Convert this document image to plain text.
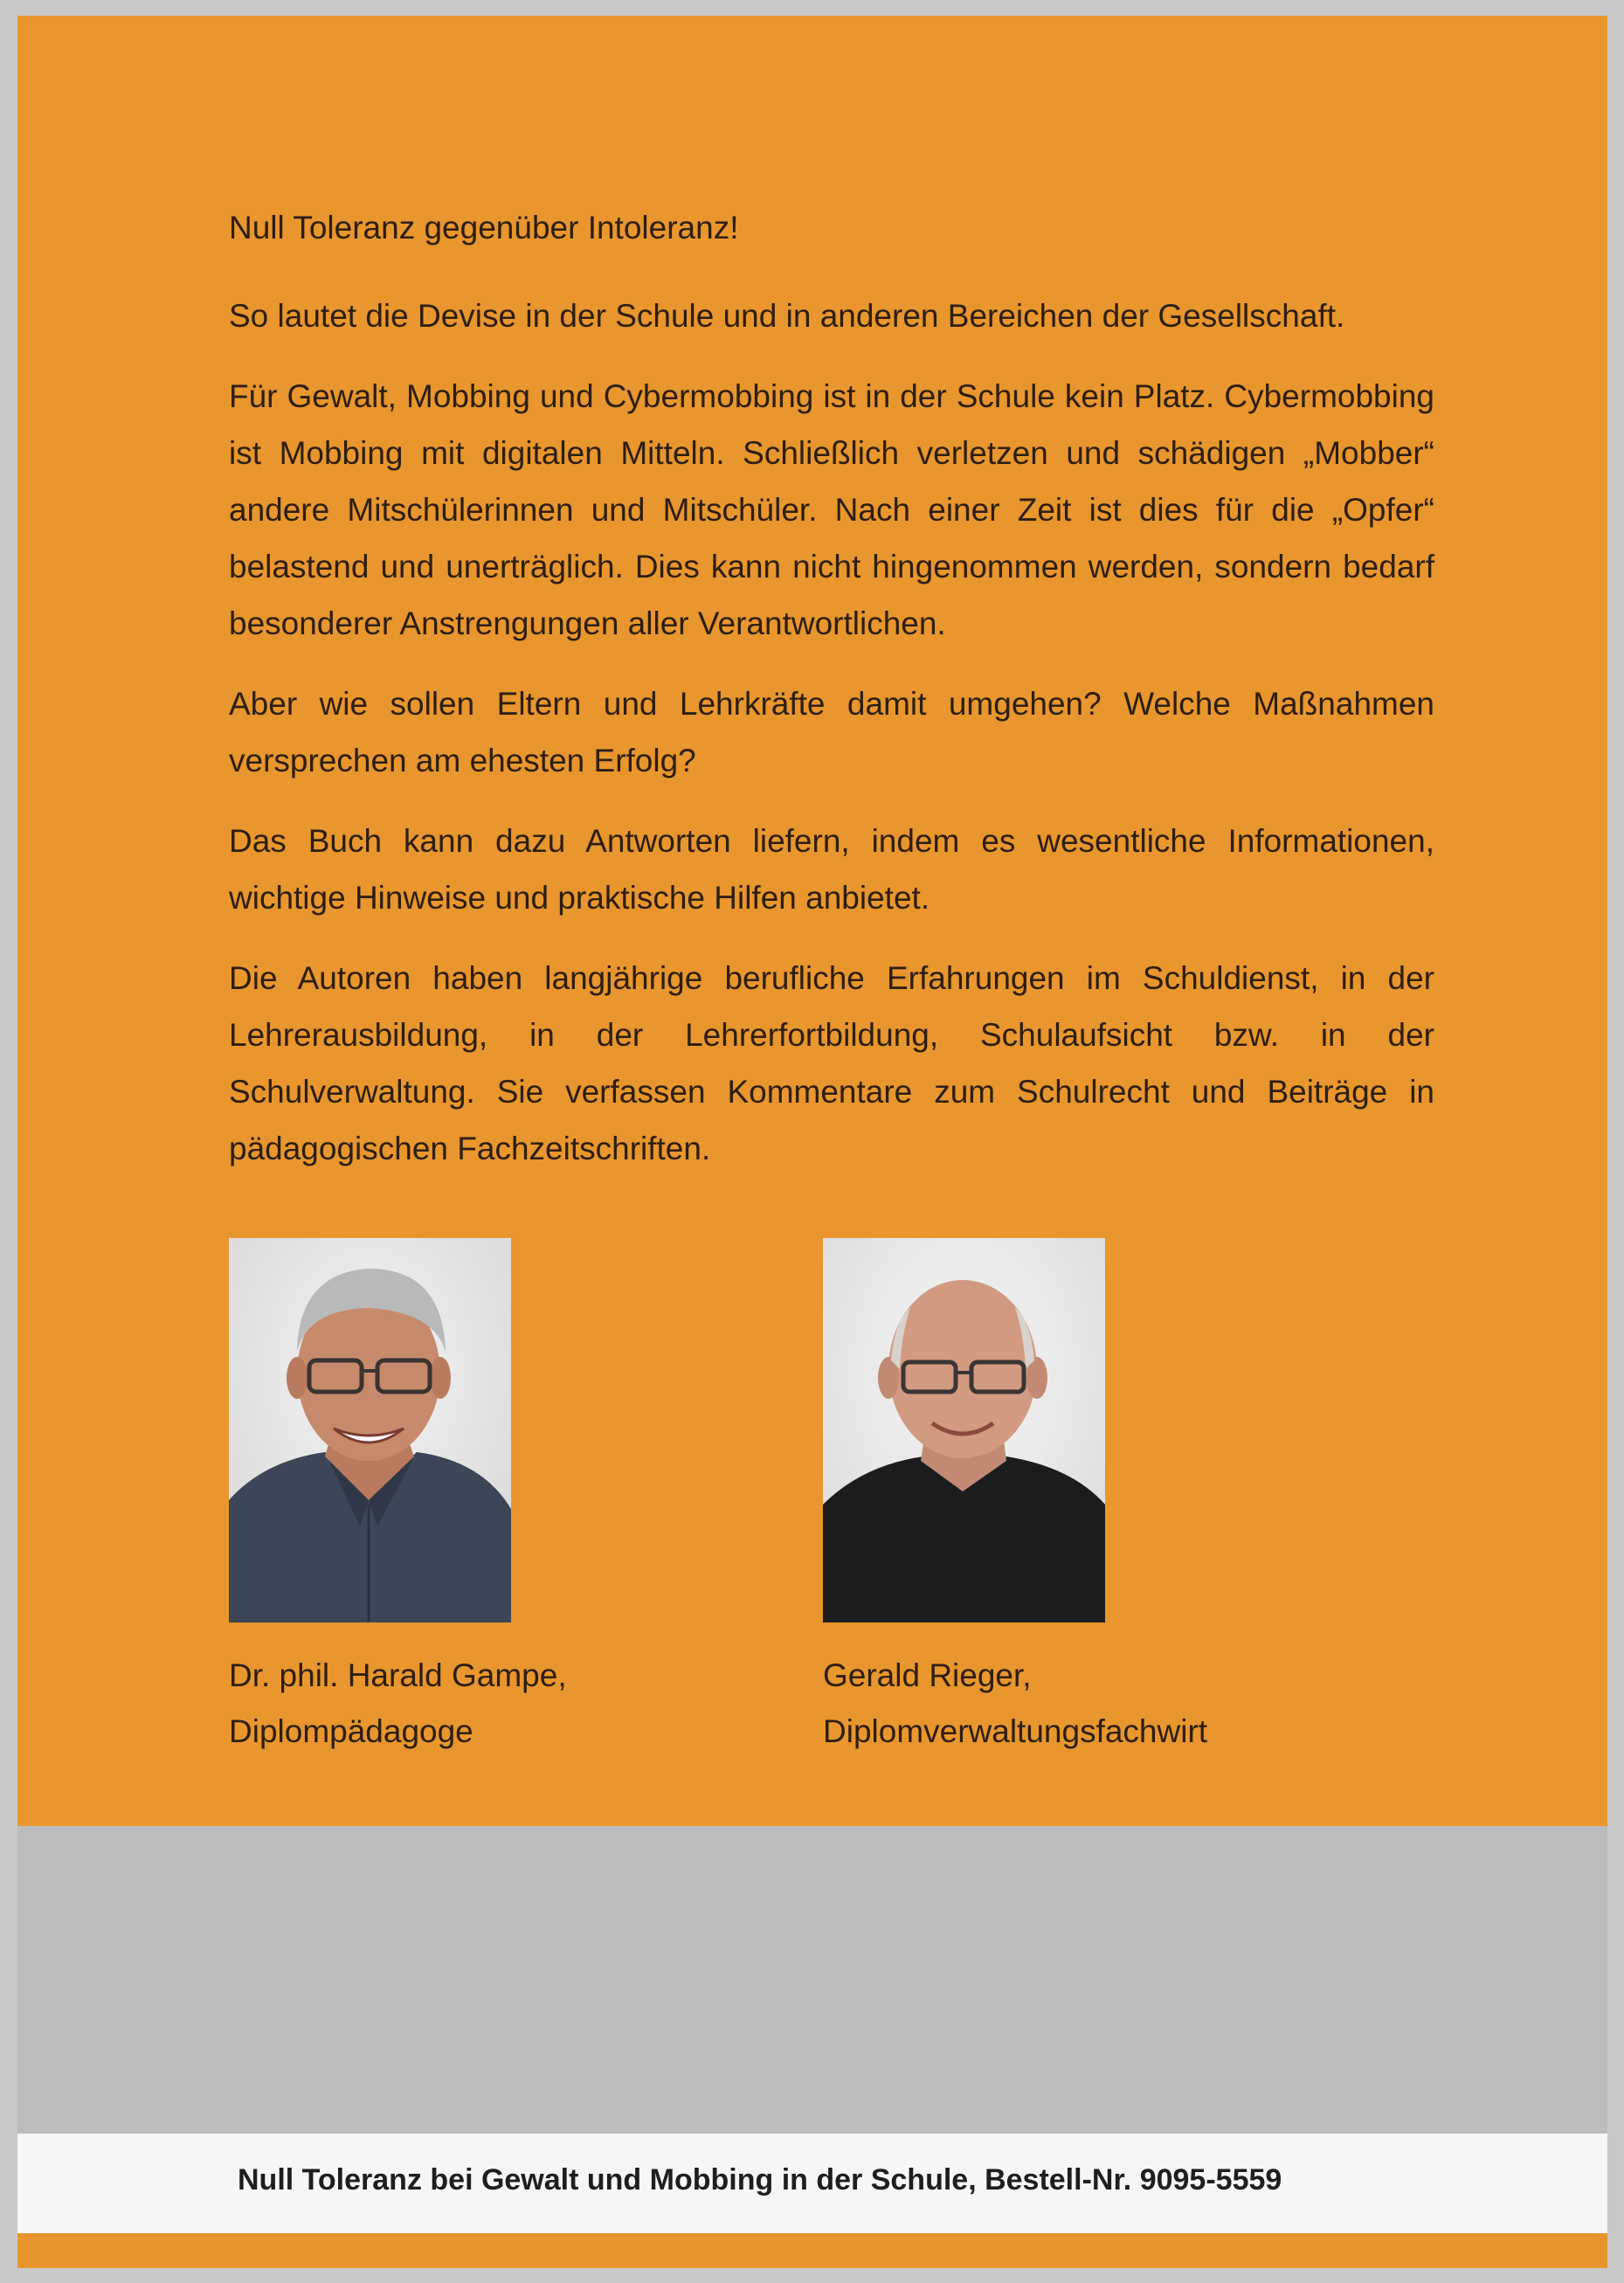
Null Toleranz gegenüber Intoleranz!

So lautet die Devise in der Schule und in anderen Bereichen der Gesellschaft.

Für Gewalt, Mobbing und Cybermobbing ist in der Schule kein Platz. Cybermobbing ist Mobbing mit digitalen Mitteln. Schließlich verletzen und schädigen „Mobber“ andere Mitschülerinnen und Mitschüler. Nach einer Zeit ist dies für die „Opfer“ belastend und unerträglich. Dies kann nicht hingenommen werden, sondern bedarf besonderer Anstrengungen aller Verantwortlichen.

Aber wie sollen Eltern und Lehrkräfte damit umgehen? Welche Maßnahmen versprechen am ehesten Erfolg?

Das Buch kann dazu Antworten liefern, indem es wesentliche Informationen, wichtige Hinweise und praktische Hilfen anbietet.

Die Autoren haben langjährige berufliche Erfahrungen im Schuldienst, in der Lehrerausbildung, in der Lehrerfortbildung, Schulaufsicht bzw. in der Schulverwaltung. Sie verfassen Kommentare zum Schulrecht und Beiträge in pädagogischen Fachzeitschriften.

Dr. phil. Harald Gampe,
Diplompädagoge
Gerald Rieger,
Diplomverwaltungsfachwirt
Null Toleranz bei Gewalt und Mobbing in der Schule, Bestell-Nr. 9095-5559
